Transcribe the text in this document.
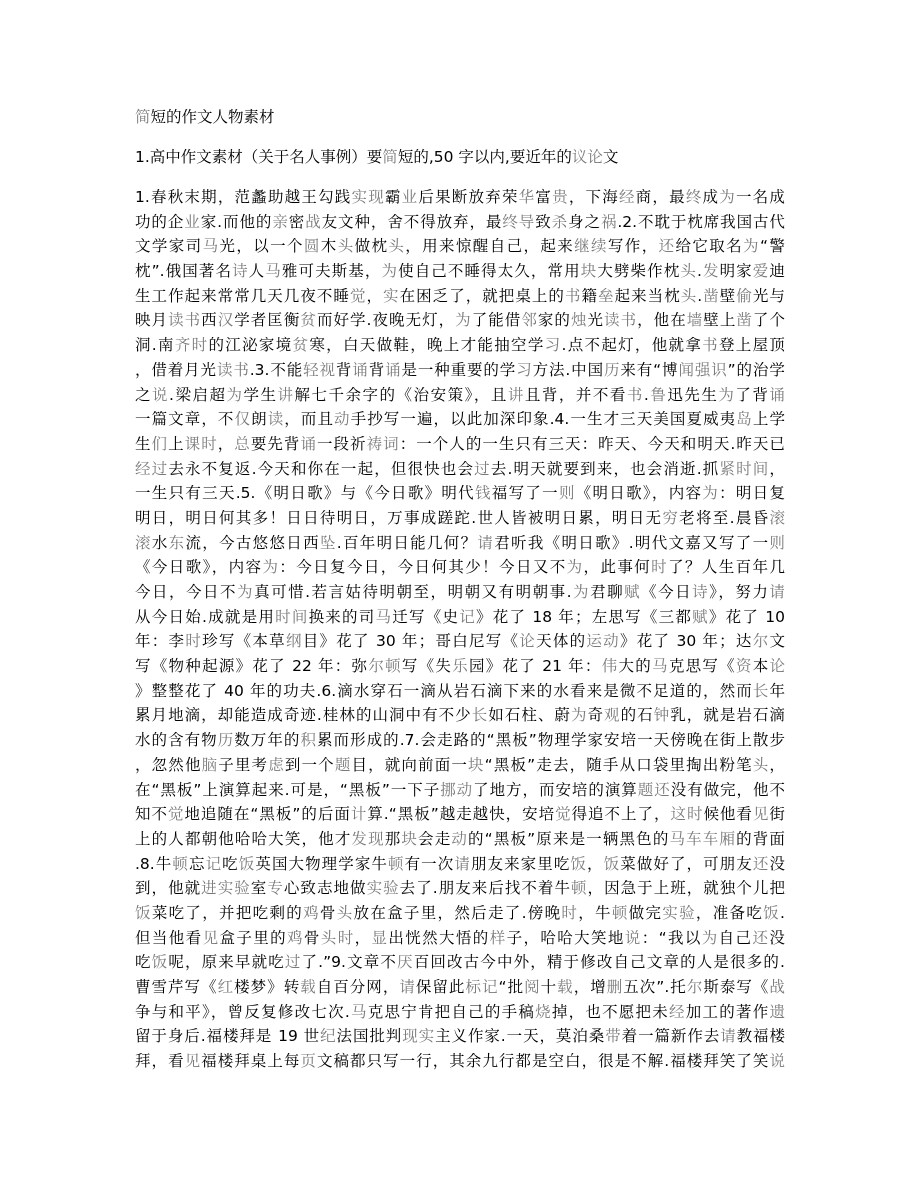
简短的作文人物素材
1.高中作文素材（关于名人事例）要简短的,50 字以内,要近年的议论文
1.春秋末期，范蠡助越王勾践实现霸业后果断放弃荣华富贵，下海经商，最终成为一名成
功的企业家.而他的亲密战友文种，舍不得放弃，最终导致杀身之祸.2.不耽于枕席我国古代
文学家司马光，以一个圆木头做枕头，用来惊醒自己，起来继续写作，还给它取名为“警
枕”.俄国著名诗人马雅可夫斯基，为使自己不睡得太久，常用块大劈柴作枕头.发明家爱迪
生工作起来常常几天几夜不睡觉，实在困乏了，就把桌上的书籍垒起来当枕头.凿壁偷光与
映月读书西汉学者匡衡贫而好学.夜晚无灯，为了能借邻家的烛光读书，他在墙壁上凿了个
洞.南齐时的江泌家境贫寒，白天做鞋，晚上才能抽空学习.点不起灯，他就拿书登上屋顶
，借着月光读书.3.不能轻视背诵背诵是一种重要的学习方法.中国历来有“博闻强识”的治学
之说.梁启超为学生讲解七千余字的《治安策》，且讲且背，并不看书.鲁迅先生为了背诵
一篇文章，不仅朗读，而且动手抄写一遍，以此加深印象.4.一生才三天美国夏威夷岛上学
生们上课时，总要先背诵一段祈祷词：一个人的一生只有三天：昨天、今天和明天.昨天已
经过去永不复返.今天和你在一起，但很快也会过去.明天就要到来，也会消逝.抓紧时间，
一生只有三天.5.《明日歌》与《今日歌》明代钱福写了一则《明日歌》，内容为：明日复
明日，明日何其多！日日待明日，万事成蹉跎.世人皆被明日累，明日无穷老将至.晨昏滚
滚水东流，今古悠悠日西坠.百年明日能几何？请君听我《明日歌》.明代文嘉又写了一则
《今日歌》，内容为：今日复今日，今日何其少！今日又不为，此事何时了？人生百年几
今日，今日不为真可惜.若言姑待明朝至，明朝又有明朝事.为君聊赋《今日诗》，努力请
从今日始.成就是用时间换来的司马迁写《史记》花了 18 年；左思写《三都赋》花了 10
年：李时珍写《本草纲目》花了 30 年；哥白尼写《论天体的运动》花了 30 年；达尔文
写《物种起源》花了 22 年：弥尔顿写《失乐园》花了 21 年：伟大的马克思写《资本论
》整整花了 40 年的功夫.6.滴水穿石一滴从岩石滴下来的水看来是微不足道的，然而长年
累月地滴，却能造成奇迹.桂林的山洞中有不少长如石柱、蔚为奇观的石钟乳，就是岩石滴
水的含有物历数万年的积累而形成的.7.会走路的“黑板”物理学家安培一天傍晚在街上散步
，忽然他脑子里考虑到一个题目，就向前面一块“黑板”走去，随手从口袋里掏出粉笔头，
在“黑板”上演算起来.可是，“黑板”一下子挪动了地方，而安培的演算题还没有做完，他不
知不觉地追随在“黑板”的后面计算.“黑板”越走越快，安培觉得追不上了，这时候他看见街
上的人都朝他哈哈大笑，他才发现那块会走动的“黑板”原来是一辆黑色的马车车厢的背面
.8.牛顿忘记吃饭英国大物理学家牛顿有一次请朋友来家里吃饭，饭菜做好了，可朋友还没
到，他就进实验室专心致志地做实验去了.朋友来后找不着牛顿，因急于上班，就独个儿把
饭菜吃了，并把吃剩的鸡骨头放在盒子里，然后走了.傍晚时，牛顿做完实验，准备吃饭.
但当他看见盒子里的鸡骨头时，显出恍然大悟的样子，哈哈大笑地说：“我以为自己还没
吃饭呢，原来早就吃过了.”9.文章不厌百回改古今中外，精于修改自己文章的人是很多的.
曹雪芹写《红楼梦》转载自百分网，请保留此标记“批阅十载，增删五次”.托尔斯泰写《战
争与和平》，曾反复修改七次.马克思宁肯把自己的手稿烧掉，也不愿把未经加工的著作遗
留于身后.福楼拜是 19 世纪法国批判现实主义作家.一天，莫泊桑带着一篇新作去请教福楼
拜，看见福楼拜桌上每页文稿都只写一行，其余九行都是空白，很是不解.福楼拜笑了笑说
